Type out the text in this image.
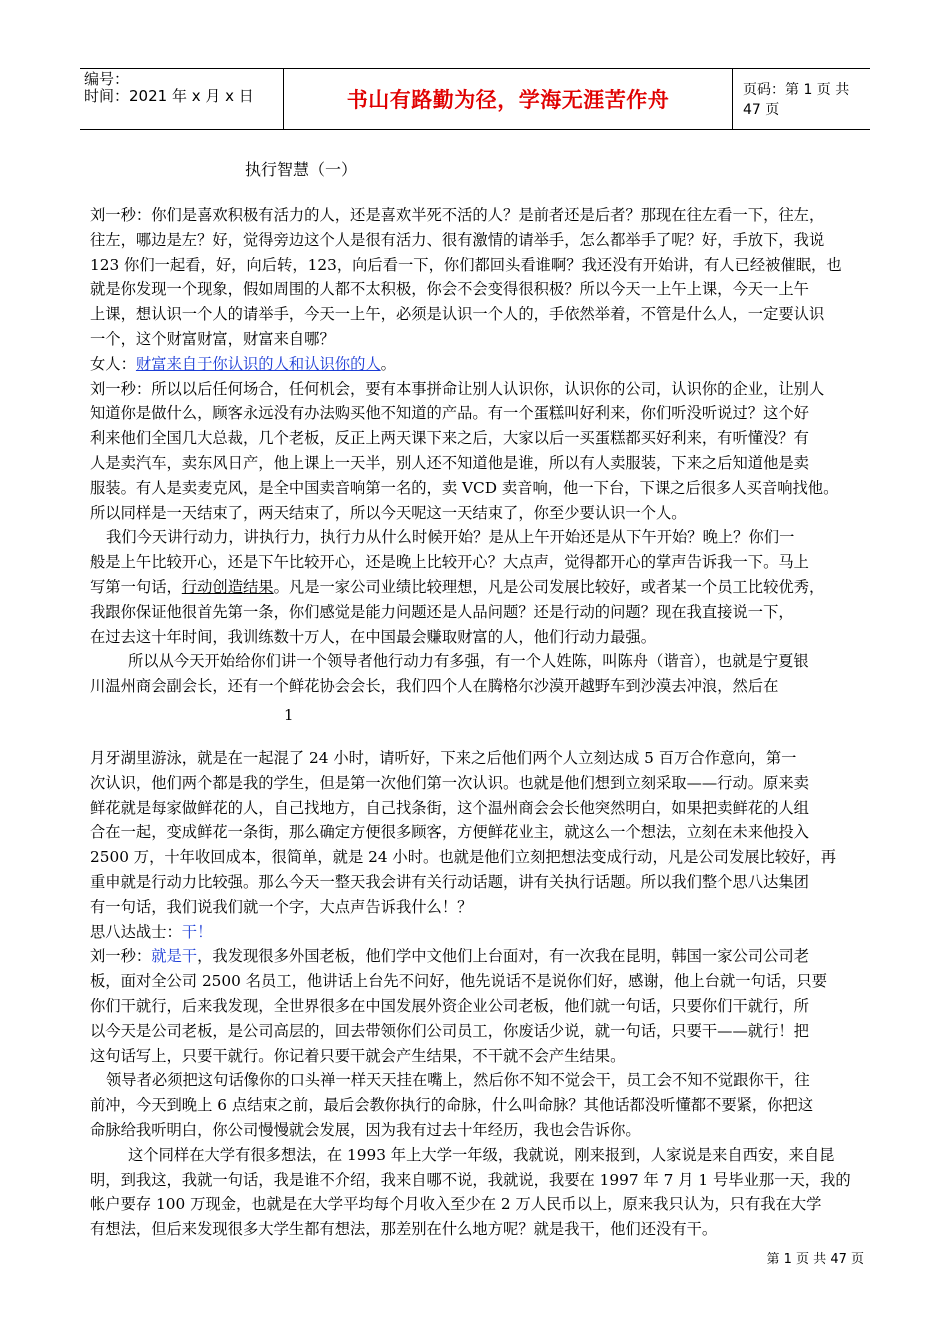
编号：
时间：2021 年 x 月 x 日	书山有路勤为径，学海无涯苦作舟	页码：第 1 页 共 47 页
执行智慧（一）

刘一秒：你们是喜欢积极有活力的人，还是喜欢半死不活的人？是前者还是后者？那现在往左看一下，往左，

往左，哪边是左？好，觉得旁边这个人是很有活力、很有激情的请举手，怎么都举手了呢？好，手放下，我说

123 你们一起看，好，向后转，123，向后看一下，你们都回头看谁啊？我还没有开始讲，有人已经被催眠，也

就是你发现一个现象，假如周围的人都不太积极，你会不会变得很积极？所以今天一上午上课，今天一上午

上课，想认识一个人的请举手，今天一上午，必须是认识一个人的，手依然举着，不管是什么人，一定要认识

一个，这个财富财富，财富来自哪？

女人：财富来自于你认识的人和认识你的人。

刘一秒：所以以后任何场合，任何机会，要有本事拼命让别人认识你，认识你的公司，认识你的企业，让别人

知道你是做什么，顾客永远没有办法购买他不知道的产品。有一个蛋糕叫好利来，你们听没听说过？这个好

利来他们全国几大总裁，几个老板，反正上两天课下来之后，大家以后一买蛋糕都买好利来，有听懂没？有

人是卖汽车，卖东风日产，他上课上一天半，别人还不知道他是谁，所以有人卖服装，下来之后知道他是卖

服装。有人是卖麦克风，是全中国卖音响第一名的，卖 VCD 卖音响，他一下台，下课之后很多人买音响找他。

所以同样是一天结束了，两天结束了，所以今天呢这一天结束了，你至少要认识一个人。

我们今天讲行动力，讲执行力，执行力从什么时候开始？是从上午开始还是从下午开始？晚上？你们一

般是上午比较开心，还是下午比较开心，还是晚上比较开心？大点声，觉得都开心的掌声告诉我一下。马上

写第一句话，行动创造结果。凡是一家公司业绩比较理想，凡是公司发展比较好，或者某一个员工比较优秀，

我跟你保证他很首先第一条，你们感觉是能力问题还是人品问题？还是行动的问题？现在我直接说一下，

在过去这十年时间，我训练数十万人，在中国最会赚取财富的人，他们行动力最强。

所以从今天开始给你们讲一个领导者他行动力有多强，有一个人姓陈，叫陈舟（谐音），也就是宁夏银

川温州商会副会长，还有一个鲜花协会会长，我们四个人在腾格尔沙漠开越野车到沙漠去冲浪，然后在

1

月牙湖里游泳，就是在一起混了 24 小时，请听好，下来之后他们两个人立刻达成 5 百万合作意向，第一

次认识，他们两个都是我的学生，但是第一次他们第一次认识。也就是他们想到立刻采取——行动。原来卖

鲜花就是每家做鲜花的人，自己找地方，自己找条街，这个温州商会会长他突然明白，如果把卖鲜花的人组

合在一起，变成鲜花一条街，那么确定方便很多顾客，方便鲜花业主，就这么一个想法，立刻在未来他投入

2500 万，十年收回成本，很简单，就是 24 小时。也就是他们立刻把想法变成行动，凡是公司发展比较好，再

重申就是行动力比较强。那么今天一整天我会讲有关行动话题，讲有关执行话题。所以我们整个思八达集团

有一句话，我们说我们就一个字，大点声告诉我什么！？

思八达战士：干！

刘一秒：就是干，我发现很多外国老板，他们学中文他们上台面对，有一次我在昆明，韩国一家公司公司老

板，面对全公司 2500 名员工，他讲话上台先不问好，他先说话不是说你们好，感谢，他上台就一句话，只要

你们干就行，后来我发现，全世界很多在中国发展外资企业公司老板，他们就一句话，只要你们干就行，所

以今天是公司老板，是公司高层的，回去带领你们公司员工，你废话少说，就一句话，只要干——就行！把

这句话写上，只要干就行。你记着只要干就会产生结果，不干就不会产生结果。

领导者必须把这句话像你的口头禅一样天天挂在嘴上，然后你不知不觉会干，员工会不知不觉跟你干，往

前冲，今天到晚上 6 点结束之前，最后会教你执行的命脉，什么叫命脉？其他话都没听懂都不要紧，你把这

命脉给我听明白，你公司慢慢就会发展，因为我有过去十年经历，我也会告诉你。

这个同样在大学有很多想法，在 1993 年上大学一年级，我就说，刚来报到，人家说是来自西安，来自昆

明，到我这，我就一句话，我是谁不介绍，我来自哪不说，我就说，我要在 1997 年 7 月 1 号毕业那一天，我的

帐户要存 100 万现金，也就是在大学平均每个月收入至少在 2 万人民币以上，原来我只认为，只有我在大学

有想法，但后来发现很多大学生都有想法，那差别在什么地方呢？就是我干，他们还没有干。

第 1 页 共 47 页
